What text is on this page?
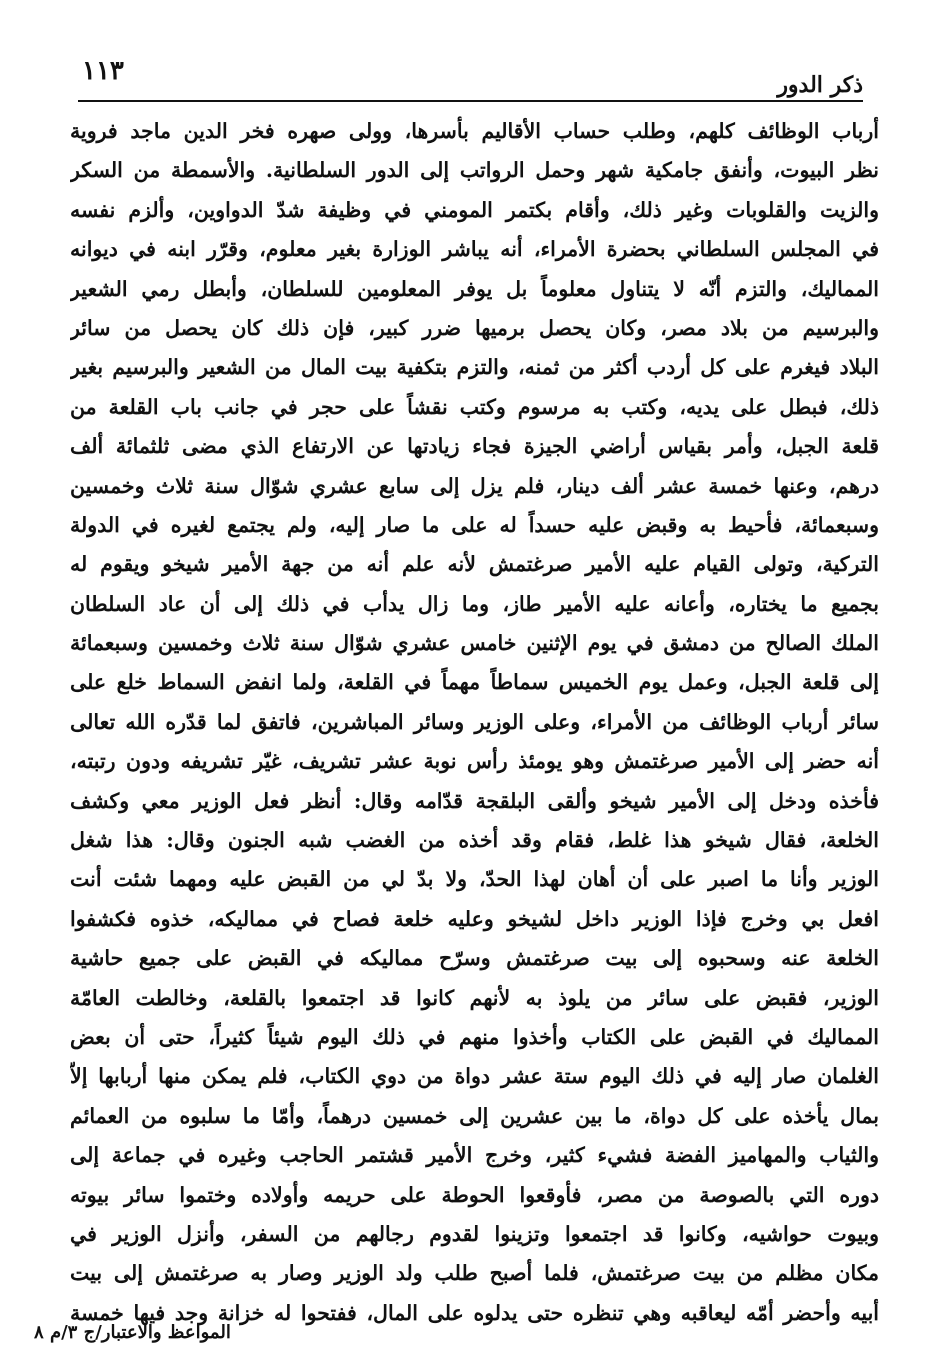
١١٣	ذكر الدور
أرباب الوظائف كلهم، وطلب حساب الأقاليم بأسرها، وولى صهره فخر الدين ماجد فروية
نظر البيوت، وأنفق جامكية شهر وحمل الرواتب إلى الدور السلطانية. والأسمطة من السكر
والزيت والقلوبات وغير ذلك، وأقام بكتمر المومني في وظيفة شدّ الدواوين، وألزم نفسه
في المجلس السلطاني بحضرة الأمراء، أنه يباشر الوزارة بغير معلوم، وقرّر ابنه في ديوانه
المماليك، والتزم أنّه لا يتناول معلوماً بل يوفر المعلومين للسلطان، وأبطل رمي الشعير
والبرسيم من بلاد مصر، وكان يحصل برميها ضرر كبير، فإن ذلك كان يحصل من سائر
البلاد فيغرم على كل أردب أكثر من ثمنه، والتزم بتكفية بيت المال من الشعير والبرسيم بغير
ذلك، فبطل على يديه، وكتب به مرسوم وكتب نقشاً على حجر في جانب باب القلعة من
قلعة الجبل، وأمر بقياس أراضي الجيزة فجاء زيادتها عن الارتفاع الذي مضى ثلثمائة ألف
درهم، وعنها خمسة عشر ألف دينار، فلم يزل إلى سابع عشري شوّال سنة ثلاث وخمسين
وسبعمائة، فأحيط به وقبض عليه حسداً له على ما صار إليه، ولم يجتمع لغيره في الدولة
التركية، وتولى القيام عليه الأمير صرغتمش لأنه علم أنه من جهة الأمير شيخو ويقوم له
بجميع ما يختاره، وأعانه عليه الأمير طاز، وما زال يدأب في ذلك إلى أن عاد السلطان
الملك الصالح من دمشق في يوم الإثنين خامس عشري شوّال سنة ثلاث وخمسين وسبعمائة
إلى قلعة الجبل، وعمل يوم الخميس سماطاً مهماً في القلعة، ولما انفض السماط خلع على
سائر أرباب الوظائف من الأمراء، وعلى الوزير وسائر المباشرين، فاتفق لما قدّره الله تعالى
أنه حضر إلى الأمير صرغتمش وهو يومئذ رأس نوبة عشر تشريف، غيّر تشريفه ودون رتبته،
فأخذه ودخل إلى الأمير شيخو وألقى البلقجة قدّامه وقال: أنظر فعل الوزير معي وكشف
الخلعة، فقال شيخو هذا غلط، فقام وقد أخذه من الغضب شبه الجنون وقال: هذا شغل
الوزير وأنا ما اصبر على أن أهان لهذا الحدّ، ولا بدّ لي من القبض عليه ومهما شئت أنت
افعل بي وخرج فإذا الوزير داخل لشيخو وعليه خلعة فصاح في مماليكه، خذوه فكشفوا
الخلعة عنه وسحبوه إلى بيت صرغتمش وسرّح مماليكه في القبض على جميع حاشية
الوزير، فقبض على سائر من يلوذ به لأنهم كانوا قد اجتمعوا بالقلعة، وخالطت العامّة
المماليك في القبض على الكتاب وأخذوا منهم في ذلك اليوم شيئاً كثيراً، حتى أن بعض
الغلمان صار إليه في ذلك اليوم ستة عشر دواة من دوي الكتاب، فلم يمكن منها أربابها إلاّ
بمال يأخذه على كل دواة، ما بين عشرين إلى خمسين درهماً، وأمّا ما سلبوه من العمائم
والثياب والمهاميز الفضة فشيء كثير، وخرج الأمير قشتمر الحاجب وغيره في جماعة إلى
دوره التي بالصوصة من مصر، فأوقعوا الحوطة على حريمه وأولاده وختموا سائر بيوته
وبيوت حواشيه، وكانوا قد اجتمعوا وتزينوا لقدوم رجالهم من السفر، وأنزل الوزير في
مكان مظلم من بيت صرغتمش، فلما أصبح طلب ولد الوزير وصار به صرغتمش إلى بيت
أبيه وأحضر أمّه ليعاقبه وهي تنظره حتى يدلوه على المال، ففتحوا له خزانة وجد فيها خمسة
المواعظ والاعتبار/ج ٣/م ٨
